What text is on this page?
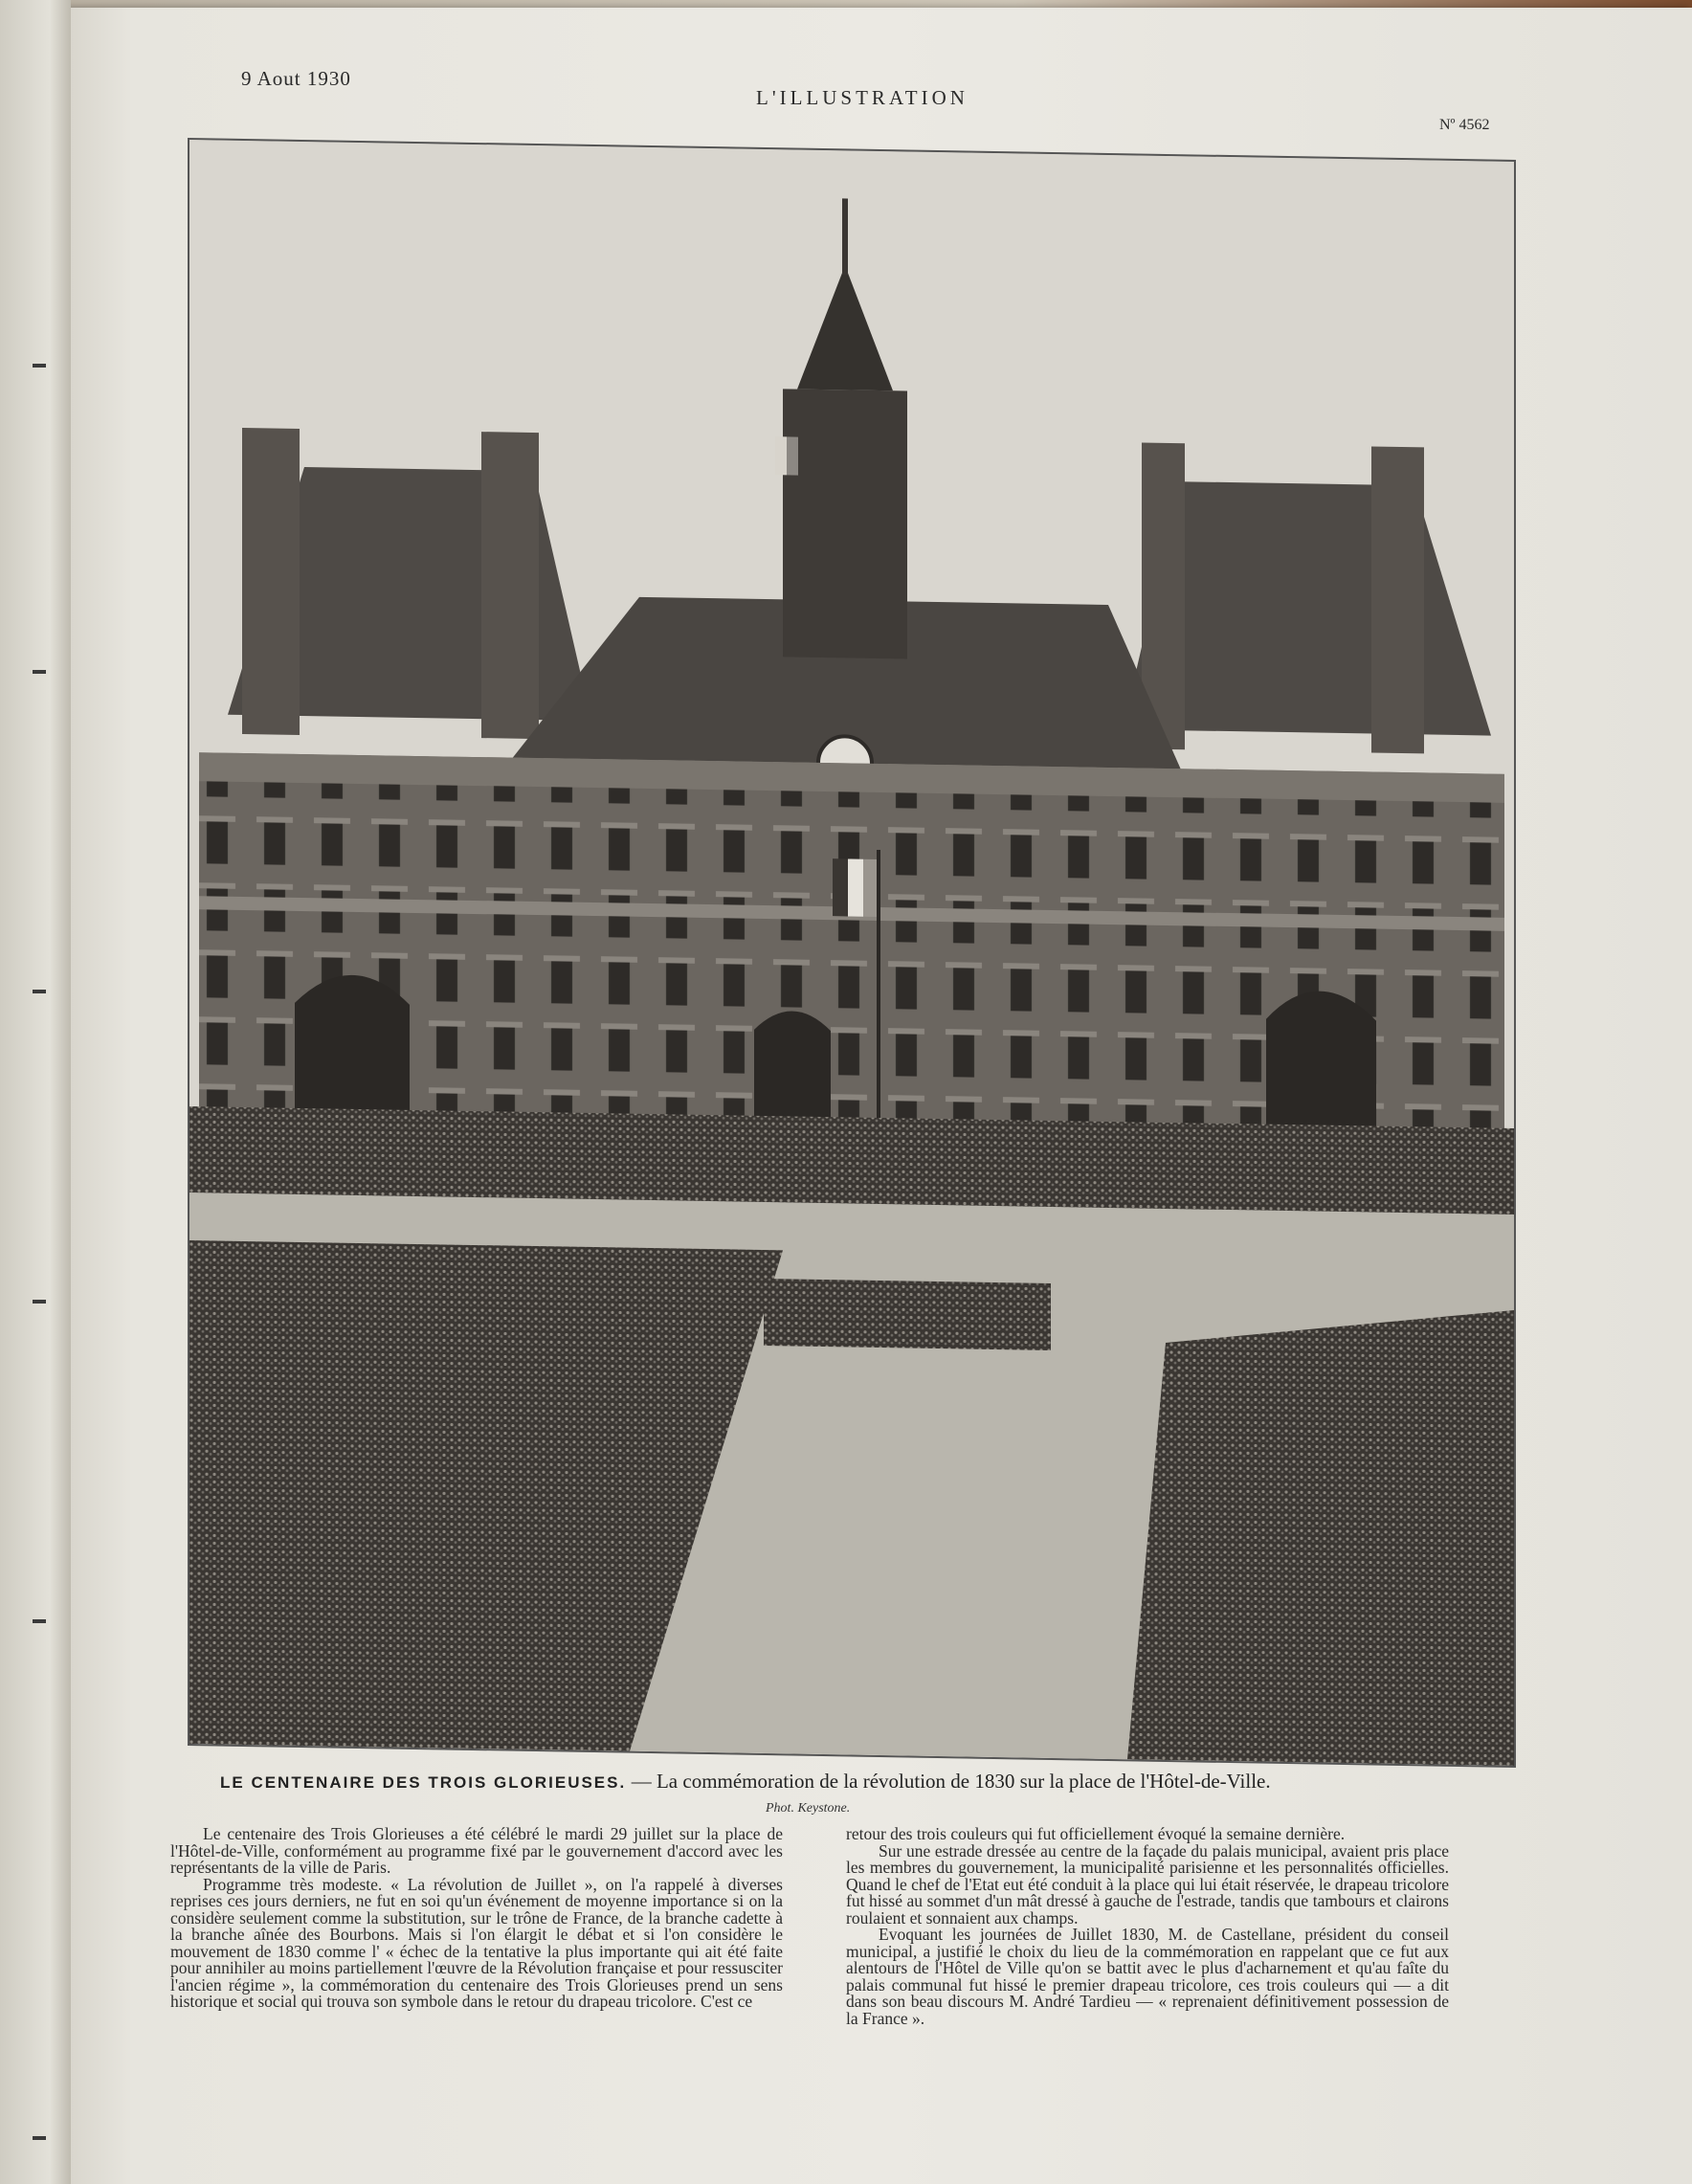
9 Aout 1930
L'ILLUSTRATION
Nº 4562
LE CENTENAIRE DES TROIS GLORIEUSES. — La commémoration de la révolution de 1830 sur la place de l'Hôtel-de-Ville.
Phot. Keystone.

Le centenaire des Trois Glorieuses a été célébré le mardi 29 juillet sur la place de l'Hôtel-de-Ville, conformément au programme fixé par le gouvernement d'accord avec les représentants de la ville de Paris.

Programme très modeste. « La révolution de Juillet », on l'a rappelé à diverses reprises ces jours derniers, ne fut en soi qu'un événement de moyenne importance si on la considère seulement comme la substitution, sur le trône de France, de la branche cadette à la branche aînée des Bourbons. Mais si l'on élargit le débat et si l'on considère le mouvement de 1830 comme l' « échec de la tentative la plus importante qui ait été faite pour annihiler au moins partiellement l'œuvre de la Révolution française et pour ressusciter l'ancien régime », la commémoration du centenaire des Trois Glorieuses prend un sens historique et social qui trouva son symbole dans le retour du drapeau tricolore. C'est ce

retour des trois couleurs qui fut officiellement évoqué la semaine dernière.

Sur une estrade dressée au centre de la façade du palais municipal, avaient pris place les membres du gouvernement, la municipalité parisienne et les personnalités officielles. Quand le chef de l'Etat eut été conduit à la place qui lui était réservée, le drapeau tricolore fut hissé au sommet d'un mât dressé à gauche de l'estrade, tandis que tambours et clairons roulaient et sonnaient aux champs.

Evoquant les journées de Juillet 1830, M. de Castellane, président du conseil municipal, a justifié le choix du lieu de la commémoration en rappelant que ce fut aux alentours de l'Hôtel de Ville qu'on se battit avec le plus d'acharnement et qu'au faîte du palais communal fut hissé le premier drapeau tricolore, ces trois couleurs qui — a dit dans son beau discours M. André Tardieu — « reprenaient définitivement possession de la France ».
